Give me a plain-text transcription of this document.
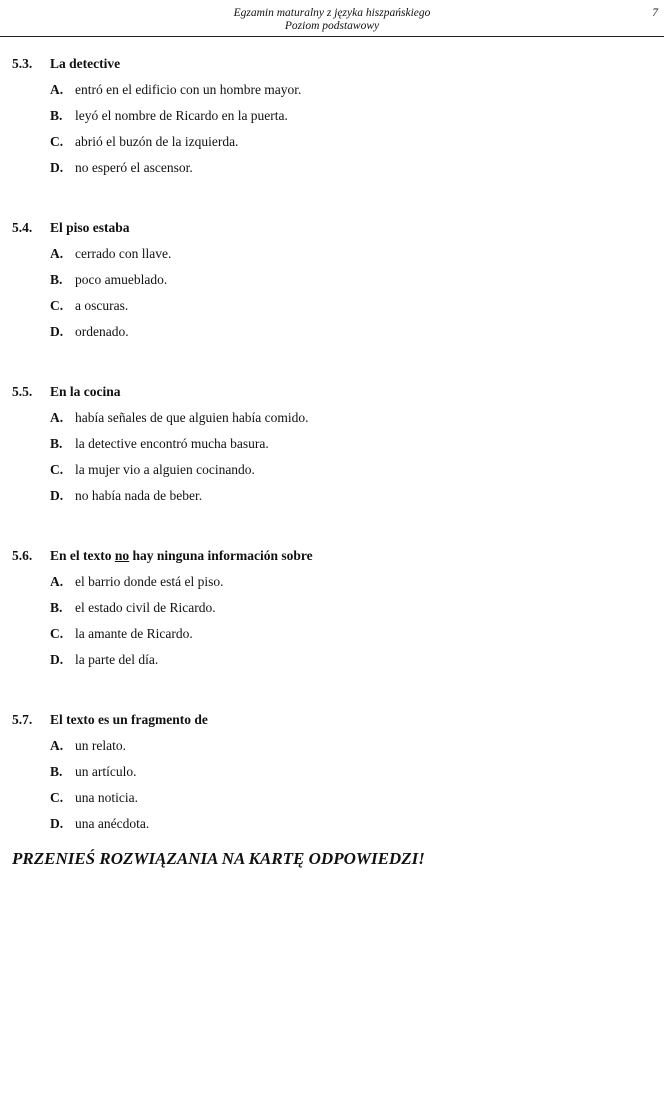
Egzamin maturalny z języka hiszpańskiego
Poziom podstawowy
7
5.3. La detective
A. entró en el edificio con un hombre mayor.
B. leyó el nombre de Ricardo en la puerta.
C. abrió el buzón de la izquierda.
D. no esperó el ascensor.
5.4. El piso estaba
A. cerrado con llave.
B. poco amueblado.
C. a oscuras.
D. ordenado.
5.5. En la cocina
A. había señales de que alguien había comido.
B. la detective encontró mucha basura.
C. la mujer vio a alguien cocinando.
D. no había nada de beber.
5.6. En el texto no hay ninguna información sobre
A. el barrio donde está el piso.
B. el estado civil de Ricardo.
C. la amante de Ricardo.
D. la parte del día.
5.7. El texto es un fragmento de
A. un relato.
B. un artículo.
C. una noticia.
D. una anécdota.
PRZENIEŚ ROZWIĄZANIA NA KARTĘ ODPOWIEDZI!
